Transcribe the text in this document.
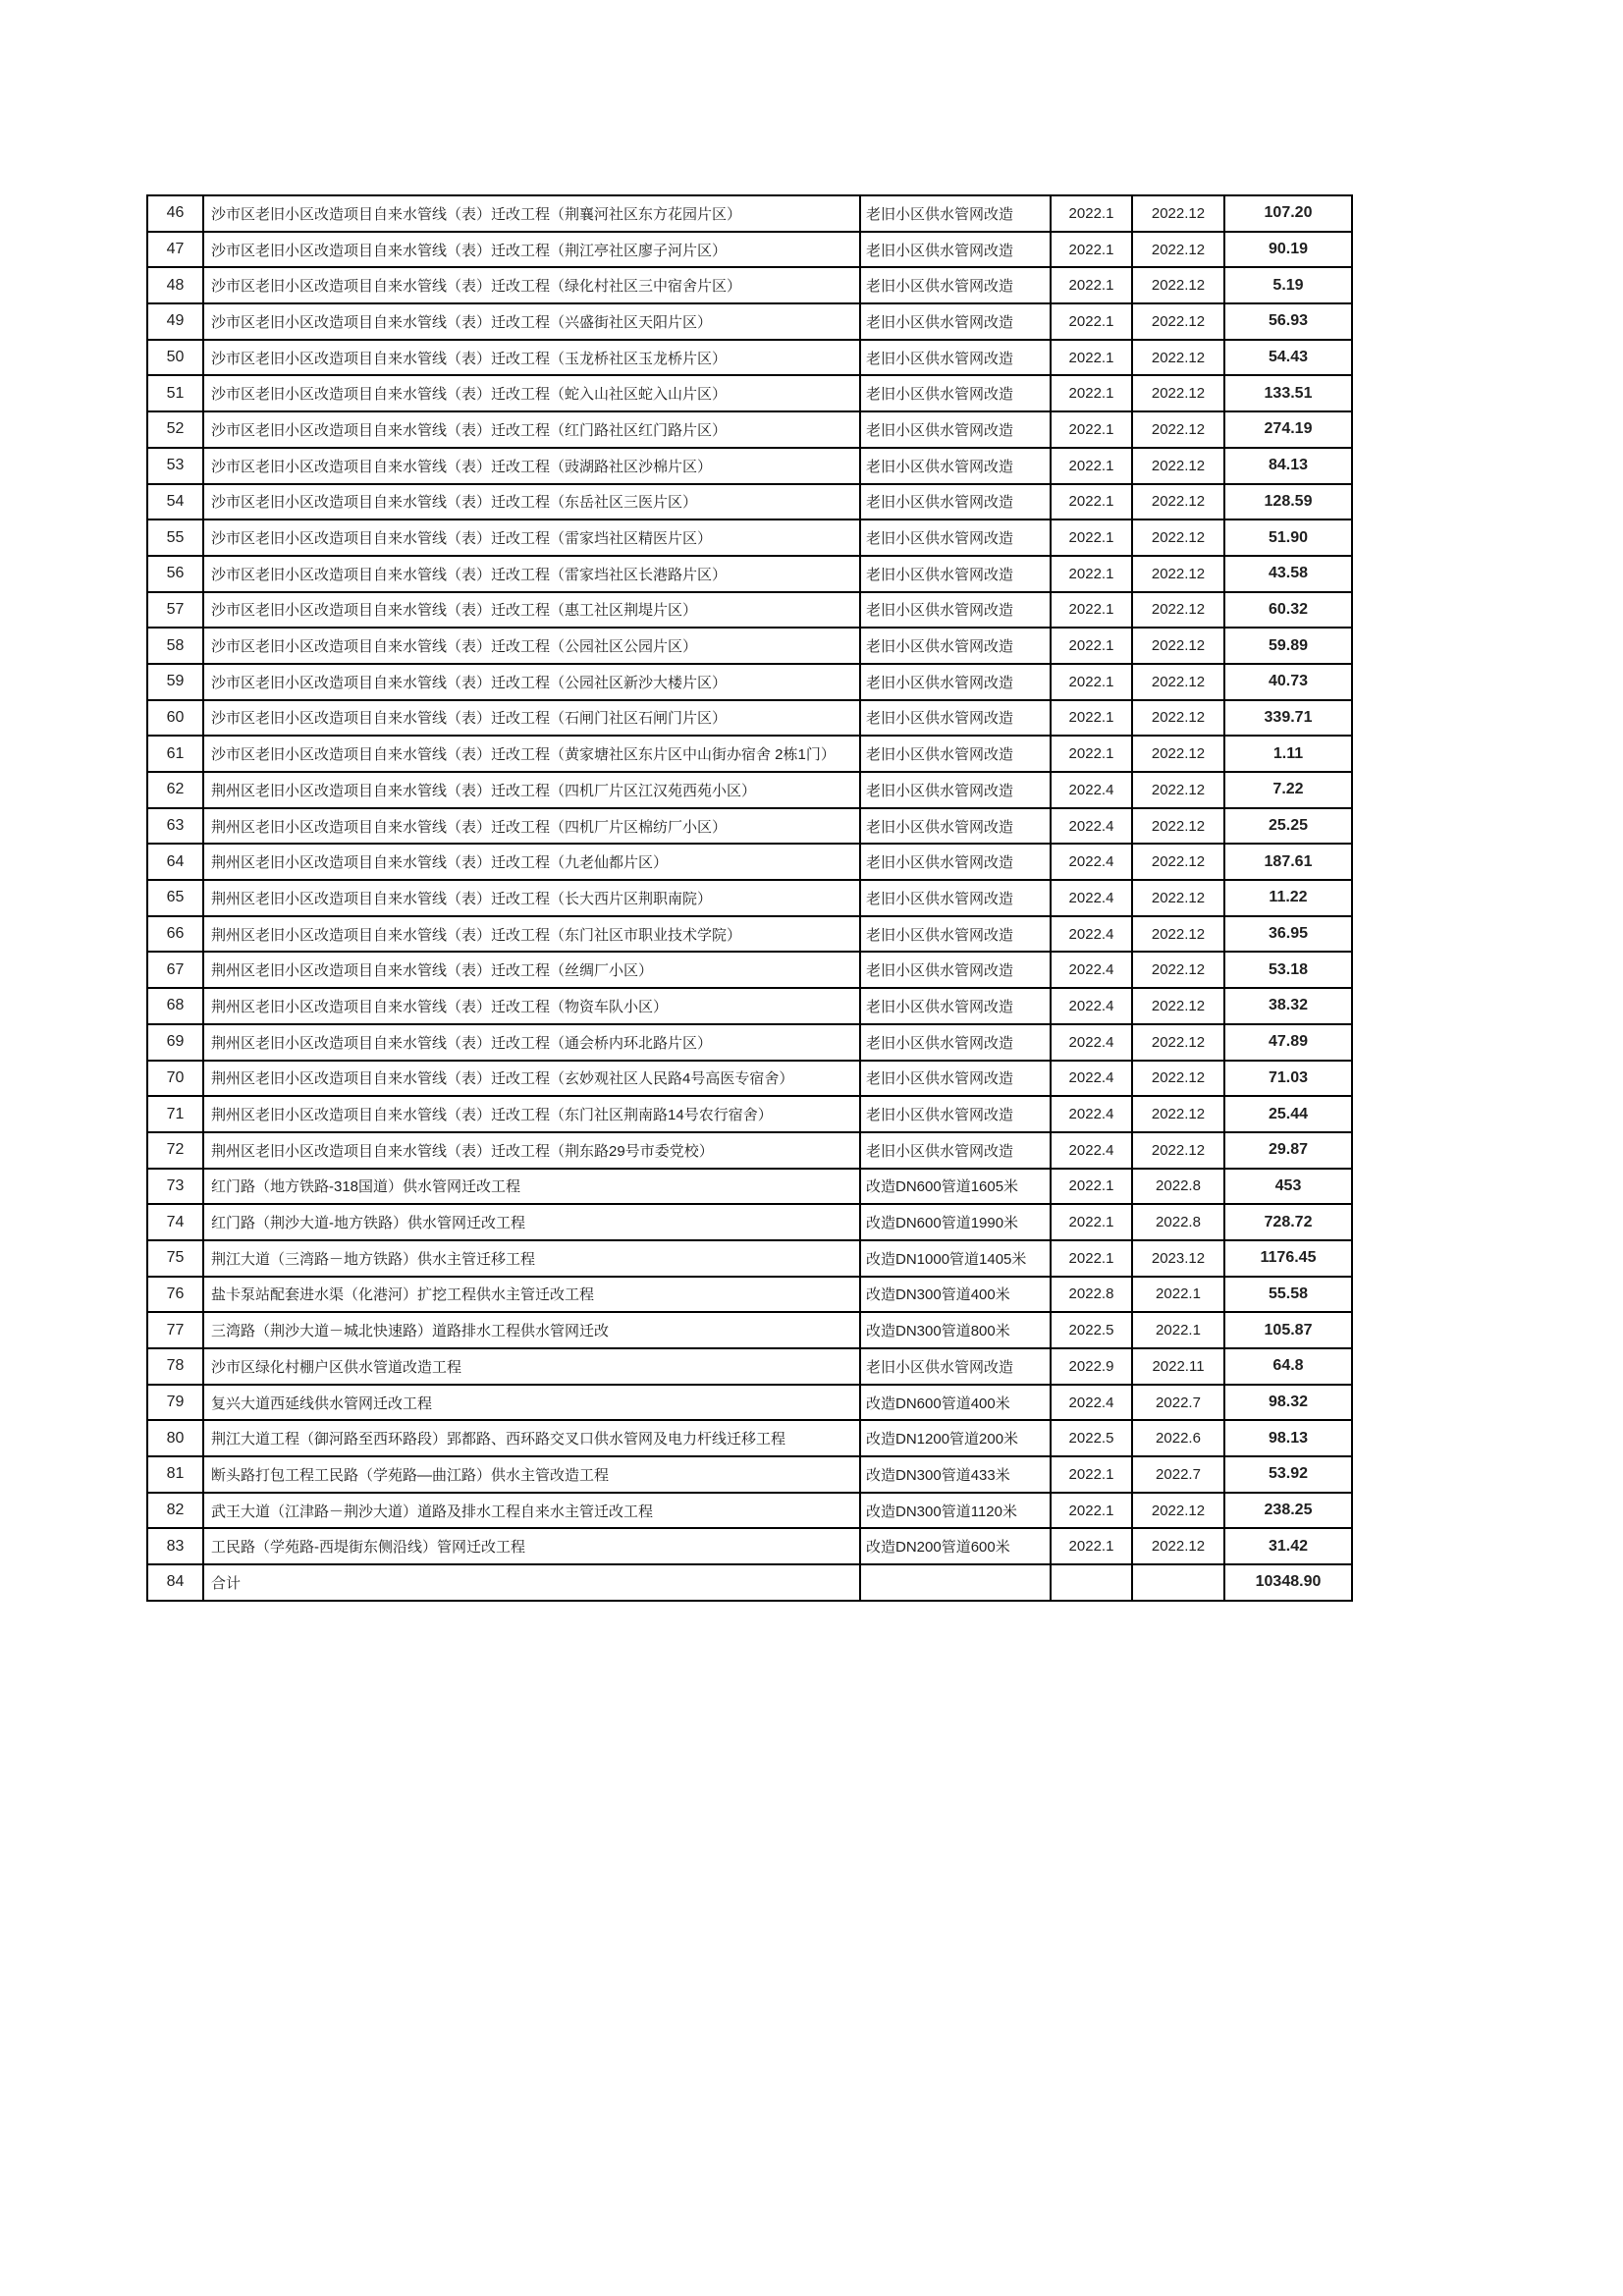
46	沙市区老旧小区改造项目自来水管线（表）迁改工程（荆襄河社区东方花园片区）	老旧小区供水管网改造	2022.1	2022.12	107.20
47	沙市区老旧小区改造项目自来水管线（表）迁改工程（荆江亭社区廖子河片区）	老旧小区供水管网改造	2022.1	2022.12	90.19
48	沙市区老旧小区改造项目自来水管线（表）迁改工程（绿化村社区三中宿舍片区）	老旧小区供水管网改造	2022.1	2022.12	5.19
49	沙市区老旧小区改造项目自来水管线（表）迁改工程（兴盛街社区天阳片区）	老旧小区供水管网改造	2022.1	2022.12	56.93
50	沙市区老旧小区改造项目自来水管线（表）迁改工程（玉龙桥社区玉龙桥片区）	老旧小区供水管网改造	2022.1	2022.12	54.43
51	沙市区老旧小区改造项目自来水管线（表）迁改工程（蛇入山社区蛇入山片区）	老旧小区供水管网改造	2022.1	2022.12	133.51
52	沙市区老旧小区改造项目自来水管线（表）迁改工程（红门路社区红门路片区）	老旧小区供水管网改造	2022.1	2022.12	274.19
53	沙市区老旧小区改造项目自来水管线（表）迁改工程（豉湖路社区沙棉片区）	老旧小区供水管网改造	2022.1	2022.12	84.13
54	沙市区老旧小区改造项目自来水管线（表）迁改工程（东岳社区三医片区）	老旧小区供水管网改造	2022.1	2022.12	128.59
55	沙市区老旧小区改造项目自来水管线（表）迁改工程（雷家垱社区精医片区）	老旧小区供水管网改造	2022.1	2022.12	51.90
56	沙市区老旧小区改造项目自来水管线（表）迁改工程（雷家垱社区长港路片区）	老旧小区供水管网改造	2022.1	2022.12	43.58
57	沙市区老旧小区改造项目自来水管线（表）迁改工程（惠工社区荆堤片区）	老旧小区供水管网改造	2022.1	2022.12	60.32
58	沙市区老旧小区改造项目自来水管线（表）迁改工程（公园社区公园片区）	老旧小区供水管网改造	2022.1	2022.12	59.89
59	沙市区老旧小区改造项目自来水管线（表）迁改工程（公园社区新沙大楼片区）	老旧小区供水管网改造	2022.1	2022.12	40.73
60	沙市区老旧小区改造项目自来水管线（表）迁改工程（石闸门社区石闸门片区）	老旧小区供水管网改造	2022.1	2022.12	339.71
61	沙市区老旧小区改造项目自来水管线（表）迁改工程（黄家塘社区东片区中山街办宿舍 2栋1门）	老旧小区供水管网改造	2022.1	2022.12	1.11
62	荆州区老旧小区改造项目自来水管线（表）迁改工程（四机厂片区江汉苑西苑小区）	老旧小区供水管网改造	2022.4	2022.12	7.22
63	荆州区老旧小区改造项目自来水管线（表）迁改工程（四机厂片区棉纺厂小区）	老旧小区供水管网改造	2022.4	2022.12	25.25
64	荆州区老旧小区改造项目自来水管线（表）迁改工程（九老仙都片区）	老旧小区供水管网改造	2022.4	2022.12	187.61
65	荆州区老旧小区改造项目自来水管线（表）迁改工程（长大西片区荆职南院）	老旧小区供水管网改造	2022.4	2022.12	11.22
66	荆州区老旧小区改造项目自来水管线（表）迁改工程（东门社区市职业技术学院）	老旧小区供水管网改造	2022.4	2022.12	36.95
67	荆州区老旧小区改造项目自来水管线（表）迁改工程（丝绸厂小区）	老旧小区供水管网改造	2022.4	2022.12	53.18
68	荆州区老旧小区改造项目自来水管线（表）迁改工程（物资车队小区）	老旧小区供水管网改造	2022.4	2022.12	38.32
69	荆州区老旧小区改造项目自来水管线（表）迁改工程（通会桥内环北路片区）	老旧小区供水管网改造	2022.4	2022.12	47.89
70	荆州区老旧小区改造项目自来水管线（表）迁改工程（玄妙观社区人民路4号高医专宿舍）	老旧小区供水管网改造	2022.4	2022.12	71.03
71	荆州区老旧小区改造项目自来水管线（表）迁改工程（东门社区荆南路14号农行宿舍）	老旧小区供水管网改造	2022.4	2022.12	25.44
72	荆州区老旧小区改造项目自来水管线（表）迁改工程（荆东路29号市委党校）	老旧小区供水管网改造	2022.4	2022.12	29.87
73	红门路（地方铁路-318国道）供水管网迁改工程	改造DN600管道1605米	2022.1	2022.8	453
74	红门路（荆沙大道-地方铁路）供水管网迁改工程	改造DN600管道1990米	2022.1	2022.8	728.72
75	荆江大道（三湾路－地方铁路）供水主管迁移工程	改造DN1000管道1405米	2022.1	2023.12	1176.45
76	盐卡泵站配套进水渠（化港河）扩挖工程供水主管迁改工程	改造DN300管道400米	2022.8	2022.1	55.58
77	三湾路（荆沙大道－城北快速路）道路排水工程供水管网迁改	改造DN300管道800米	2022.5	2022.1	105.87
78	沙市区绿化村棚户区供水管道改造工程	老旧小区供水管网改造	2022.9	2022.11	64.8
79	复兴大道西延线供水管网迁改工程	改造DN600管道400米	2022.4	2022.7	98.32
80	荆江大道工程（御河路至西环路段）郢都路、西环路交叉口供水管网及电力杆线迁移工程	改造DN1200管道200米	2022.5	2022.6	98.13
81	断头路打包工程工民路（学苑路—曲江路）供水主管改造工程	改造DN300管道433米	2022.1	2022.7	53.92
82	武王大道（江津路－荆沙大道）道路及排水工程自来水主管迁改工程	改造DN300管道1120米	2022.1	2022.12	238.25
83	工民路（学苑路-西堤街东侧沿线）管网迁改工程	改造DN200管道600米	2022.1	2022.12	31.42
84	合计				10348.90
